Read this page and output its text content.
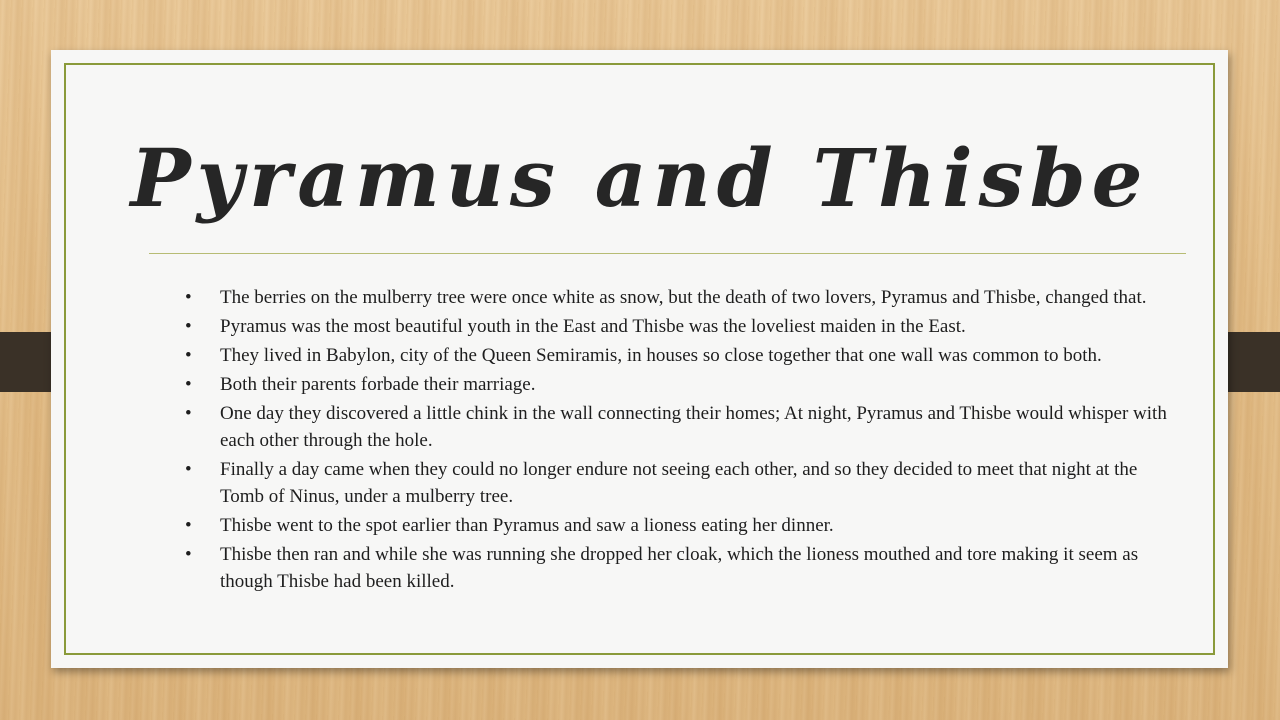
Pyramus and Thisbe
• The berries on the mulberry tree were once white as snow, but the death of two lovers, Pyramus and Thisbe, changed that.
• Pyramus was the most beautiful youth in the East and Thisbe was the loveliest maiden in the East.
• They lived in Babylon, city of the Queen Semiramis, in houses so close together that one wall was common to both.
• Both their parents forbade their marriage.
• One day they discovered a little chink in the wall connecting their homes; At night, Pyramus and Thisbe would whisper with each other through the hole.
• Finally a day came when they could no longer endure not seeing each other, and so they decided to meet that night at the Tomb of Ninus, under a mulberry tree.
• Thisbe went to the spot earlier than Pyramus and saw a lioness eating her dinner.
• Thisbe then ran and while she was running she dropped her cloak, which the lioness mouthed and tore making it seem as though Thisbe had been killed.
